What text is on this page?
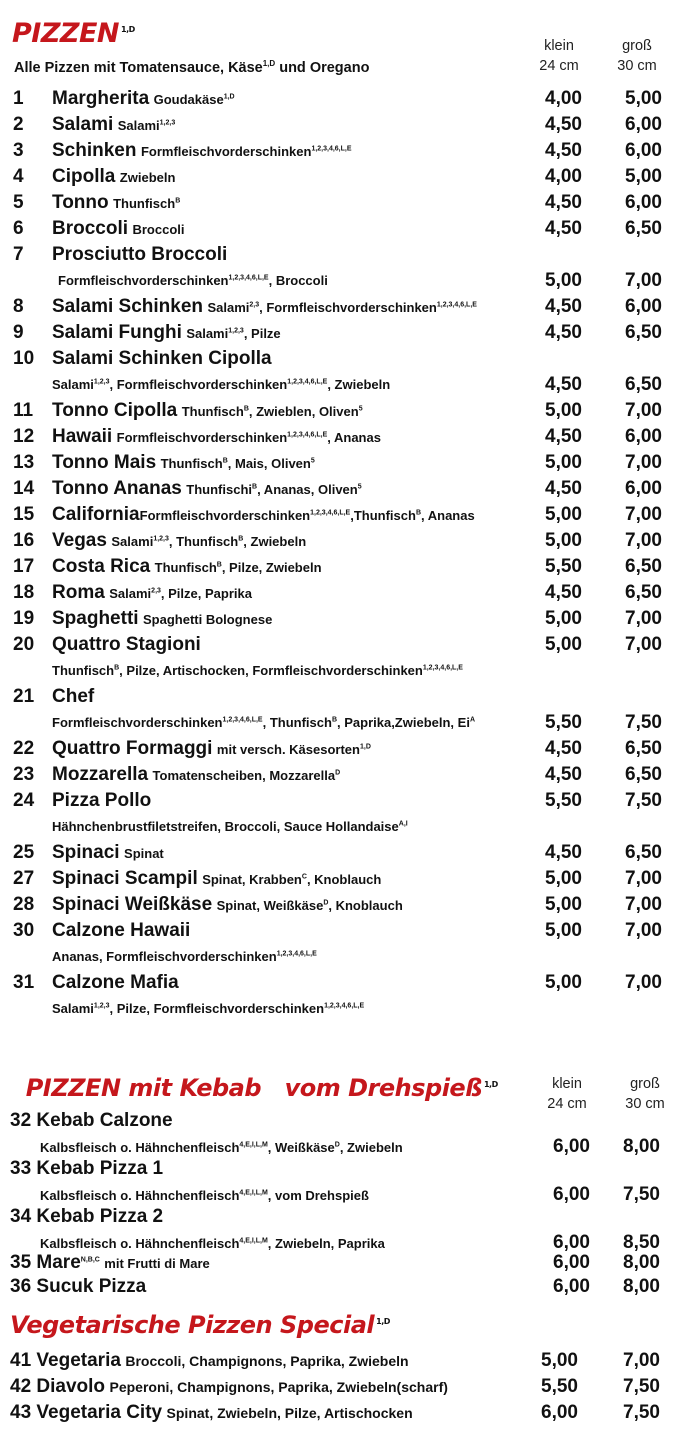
PIZZEN $^{1,D}$
klein
24 cm
groß
30 cm
Alle Pizzen mit Tomatensauce, Käse$^{1,D}$ und Oregano
1 Margherita Goudakäse$^{1,D}$	4,00	5,00
2 Salami Salami$^{1,2,3}$	4,50	6,00
3 Schinken Formfleischvorderschinken$^{1,2,3,4,6,L,E}$	4,50	6,00
4 Cipolla Zwiebeln	4,00	5,00
5 Tonno Thunfisch$^B$	4,50	6,00
6 Broccoli Broccoli	4,50	6,50
7 Prosciutto Broccoli
Formfleischvorderschinken$^{1,2,3,4,6,L,E}$, Broccoli	5,00	7,00
8 Salami Schinken Salami$^{2,3}$, Formfleischvorderschinken$^{1,2,3,4,6,L,E}$	4,50	6,00
9 Salami Funghi Salami$^{1,2,3}$, Pilze	4,50	6,50
10 Salami Schinken Cipolla
Salami$^{1,2,3}$, Formfleischvorderschinken$^{1,2,3,4,6,L,E}$, Zwiebeln	4,50	6,50
11 Tonno Cipolla Thunfisch$^B$, Zwieblen, Oliven$^5$	5,00	7,00
12 Hawaii Formfleischvorderschinken$^{1,2,3,4,6,L,E}$, Ananas	4,50	6,00
13 Tonno Mais Thunfisch$^B$, Mais, Oliven$^5$	5,00	7,00
14 Tonno Ananas Thunfischi$^B$, Ananas, Oliven$^5$	4,50	6,00
15 CaliforniaFormfleischvorderschinken$^{1,2,3,4,6,L,E}$,Thunfisch$^B$, Ananas	5,00	7,00
16 Vegas Salami$^{1,2,3}$, Thunfisch$^B$, Zwiebeln	5,00	7,00
17 Costa Rica Thunfisch$^B$, Pilze, Zwiebeln	5,50	6,50
18 Roma Salami$^{2,3}$, Pilze, Paprika	4,50	6,50
19 Spaghetti Spaghetti Bolognese	5,00	7,00
20 Quattro Stagioni	5,00	7,00
Thunfisch$^B$, Pilze, Artischocken, Formfleischvorderschinken$^{1,2,3,4,6,L,E}$
21 Chef
Formfleischvorderschinken$^{1,2,3,4,6,L,E}$, Thunfisch$^B$, Paprika,Zwiebeln, $Ei^A$	5,50	7,50
22 Quattro Formaggi mit versch. Käsesorten$^{1,D}$	4,50	6,50
23 Mozzarella Tomatenscheiben, Mozzarella$^D$	4,50	6,50
24 Pizza Pollo	5,50	7,50
Hähnchenbrustfiletstreifen, Broccoli, Sauce Hollandaise$^{A,I}$
25 Spinaci Spinat	4,50	6,50
27 Spinaci Scampil Spinat, Krabben$^C$, Knoblauch	5,00	7,00
28 Spinaci Weißkäse Spinat, Weißkäse$^D$, Knoblauch	5,00	7,00
30 Calzone Hawaii	5,00	7,00
Ananas, Formfleischvorderschinken$^{1,2,3,4,6,L,E}$
31 Calzone Mafia	5,00	7,00
Salami$^{1,2,3}$, Pilze, Formfleischvorderschinken$^{1,2,3,4,6,L,E}$

PIZZEN mit Kebab   vom Drehspieß $^{1,D}$	klein
24 cm
groß
30 cm
32 Kebab Calzone
Kalbsfleisch o. Hähnchenfleisch$^{4,E,I,L,M}$, Weißkäse$^D$, Zwiebeln	6,00	8,00
33 Kebab Pizza 1
Kalbsfleisch o. Hähnchenfleisch$^{4,E,I,L,M}$, vom Drehspieß	6,00	7,50
34 Kebab Pizza 2
Kalbsfleisch o. Hähnchenfleisch$^{4,E,I,L,M}$, Zwiebeln, Paprika	6,00	8,50
35 Mare$^{N,B,C}$ mit Frutti di Mare	6,00	8,00
36 Sucuk Pizza	6,00	8,00
Vegetarische Pizzen Special $^{1,D}$
41 Vegetaria Broccoli, Champignons, Paprika, Zwiebeln	5,00	7,00
42 Diavolo Peperoni, Champignons, Paprika, Zwiebeln(scharf)	5,50	7,50
43 Vegetaria City Spinat, Zwiebeln, Pilze, Artischocken	6,00	7,50
